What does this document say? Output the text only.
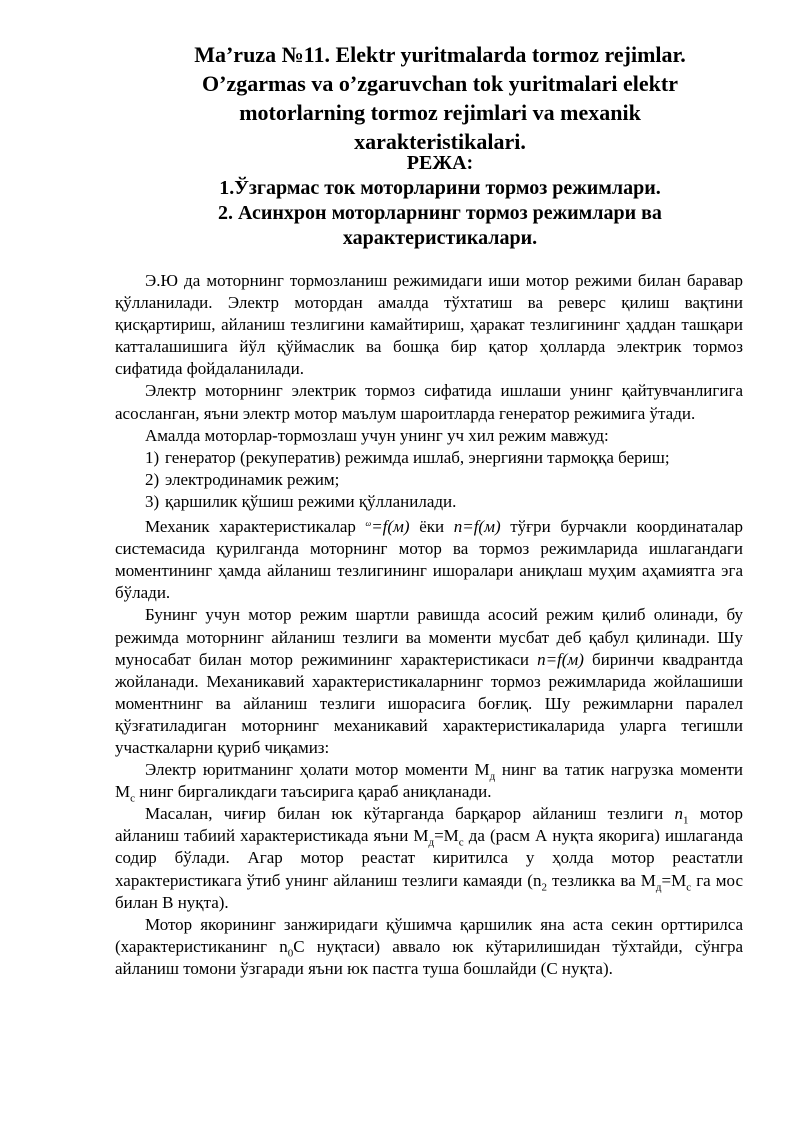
Ma’ruza №11. Elektr yuritmalarda tormoz rejimlar.
O’zgarmas va o’zgaruvchan tok yuritmalari elektr
motorlarning tormoz rejimlari va mexanik
xarakteristikalari.
РЕЖА:
1.Ўзгармас ток моторларини тормоз режимлари.
2. Асинхрон моторларнинг тормоз режимлари ва
характеристикалари.

Э.Ю да моторнинг тормозланиш режимидаги иши мотор режими билан баравар қўлланилади. Электр мотордан амалда тўхтатиш ва реверс қилиш вақтини қисқартириш, айланиш тезлигини камайтириш, ҳаракат тезлигининг ҳаддан ташқари катталашишига йўл қўймаслик ва бошқа бир қатор ҳолларда электрик тормоз сифатида фойдаланилади.

Электр моторнинг электрик тормоз сифатида ишлаши унинг қайтувчанлигига асосланган, яъни электр мотор маълум шароитларда генератор режимига ўтади.

Амалда моторлар-тормозлаш учун унинг уч хил режим мавжуд:

1) генератор (рекуператив) режимда ишлаб, энергияни тармоққа бериш;
2) электродинамик режим;
3) қаршилик қўшиш режими қўлланилади.

Механик характеристикалар $^\omega$=f(м) ёки n=f(м) тўғри бурчакли координаталар системасида қурилганда моторнинг мотор ва тормоз режимларида ишлагандаги моментининг ҳамда айланиш тезлигининг ишоралари аниқлаш муҳим аҳамиятга эга бўлади.

Бунинг учун мотор режим шартли равишда асосий режим қилиб олинади, бу режимда моторнинг айланиш тезлиги ва моменти мусбат деб қабул қилинади. Шу муносабат билан мотор режимининг характеристикаси n=f(м) биринчи квадрантда жойланади. Механикавий характеристикаларнинг тормоз режимларида жойлашиши моментнинг ва айланиш тезлиги ишорасига боғлиқ. Шу режимларни паралел қўзғатиладиган моторнинг механикавий характеристикаларида уларга тегишли участкаларни қуриб чиқамиз:

Электр юритманинг ҳолати мотор моменти $М_д$ нинг ва татик нагрузка моменти $М_с$ нинг биргаликдаги таъсирига қараб аниқланади.

Масалан, чиғир билан юк кўтарганда барқарор айланиш тезлиги $n_1$ мотор айланиш табиий характеристикада яъни $М_д=М_с$ да (расм А нуқта якорига) ишлаганда содир бўлади. Агар мотор реастат киритилса у ҳолда мотор реастатли характеристикага ўтиб унинг айланиш тезлиги камаяди ($n_2$ тезликка ва $М_д=М_с$ га мос билан В нуқта).

Мотор якорининг занжиридаги қўшимча қаршилик яна аста секин орттирилса (характеристиканинг $n_0С$ нуқтаси) аввало юк кўтарилишидан тўхтайди, сўнгра айланиш томони ўзгаради яъни юк пастга туша бошлайди (С нуқта).
